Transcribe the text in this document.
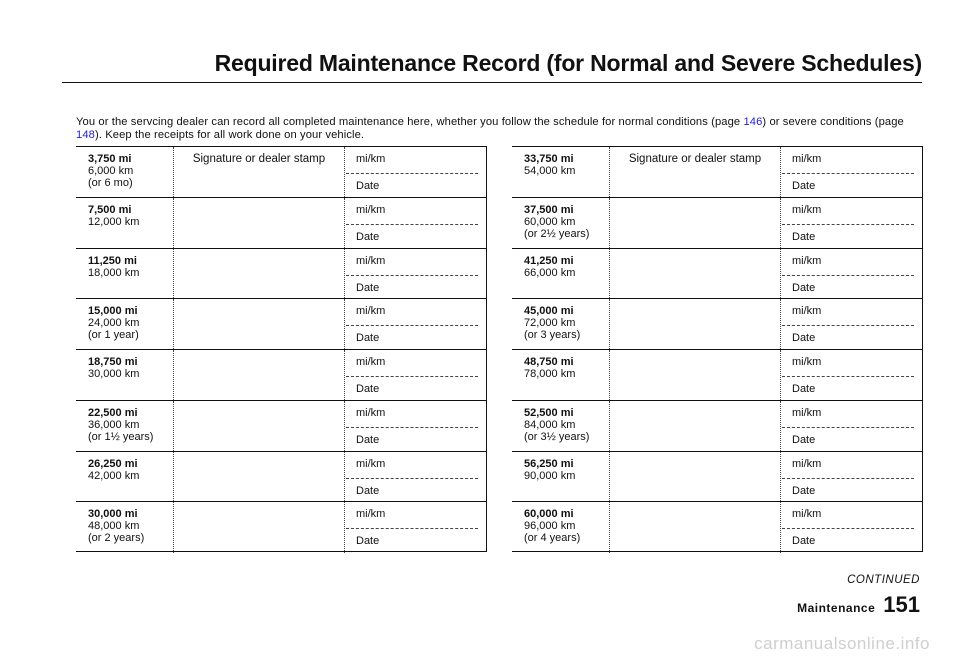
Required Maintenance Record (for Normal and Severe Schedules)
You or the servcing dealer can record all completed maintenance here, whether you follow the schedule for normal conditions (page 146) or severe conditions (page 148). Keep the receipts for all work done on your vehicle.
3,750 mi
6,000 km
(or 6 mo)
Signature or dealer stamp	mi/km
Date
7,500 mi
12,000 km
mi/km
Date
11,250 mi
18,000 km
mi/km
Date
15,000 mi
24,000 km
(or 1 year)
mi/km
Date
18,750 mi
30,000 km
mi/km
Date
22,500 mi
36,000 km
(or 1½ years)
mi/km
Date
26,250 mi
42,000 km
mi/km
Date
30,000 mi
48,000 km
(or 2 years)
mi/km
Date
33,750 mi
54,000 km
Signature or dealer stamp	mi/km
Date
37,500 mi
60,000 km
(or 2½ years)
mi/km
Date
41,250 mi
66,000 km
mi/km
Date
45,000 mi
72,000 km
(or 3 years)
mi/km
Date
48,750 mi
78,000 km
mi/km
Date
52,500 mi
84,000 km
(or 3½ years)
mi/km
Date
56,250 mi
90,000 km
mi/km
Date
60,000 mi
96,000 km
(or 4 years)
mi/km
Date
CONTINUED
Maintenance 151
carmanualsonline.info
